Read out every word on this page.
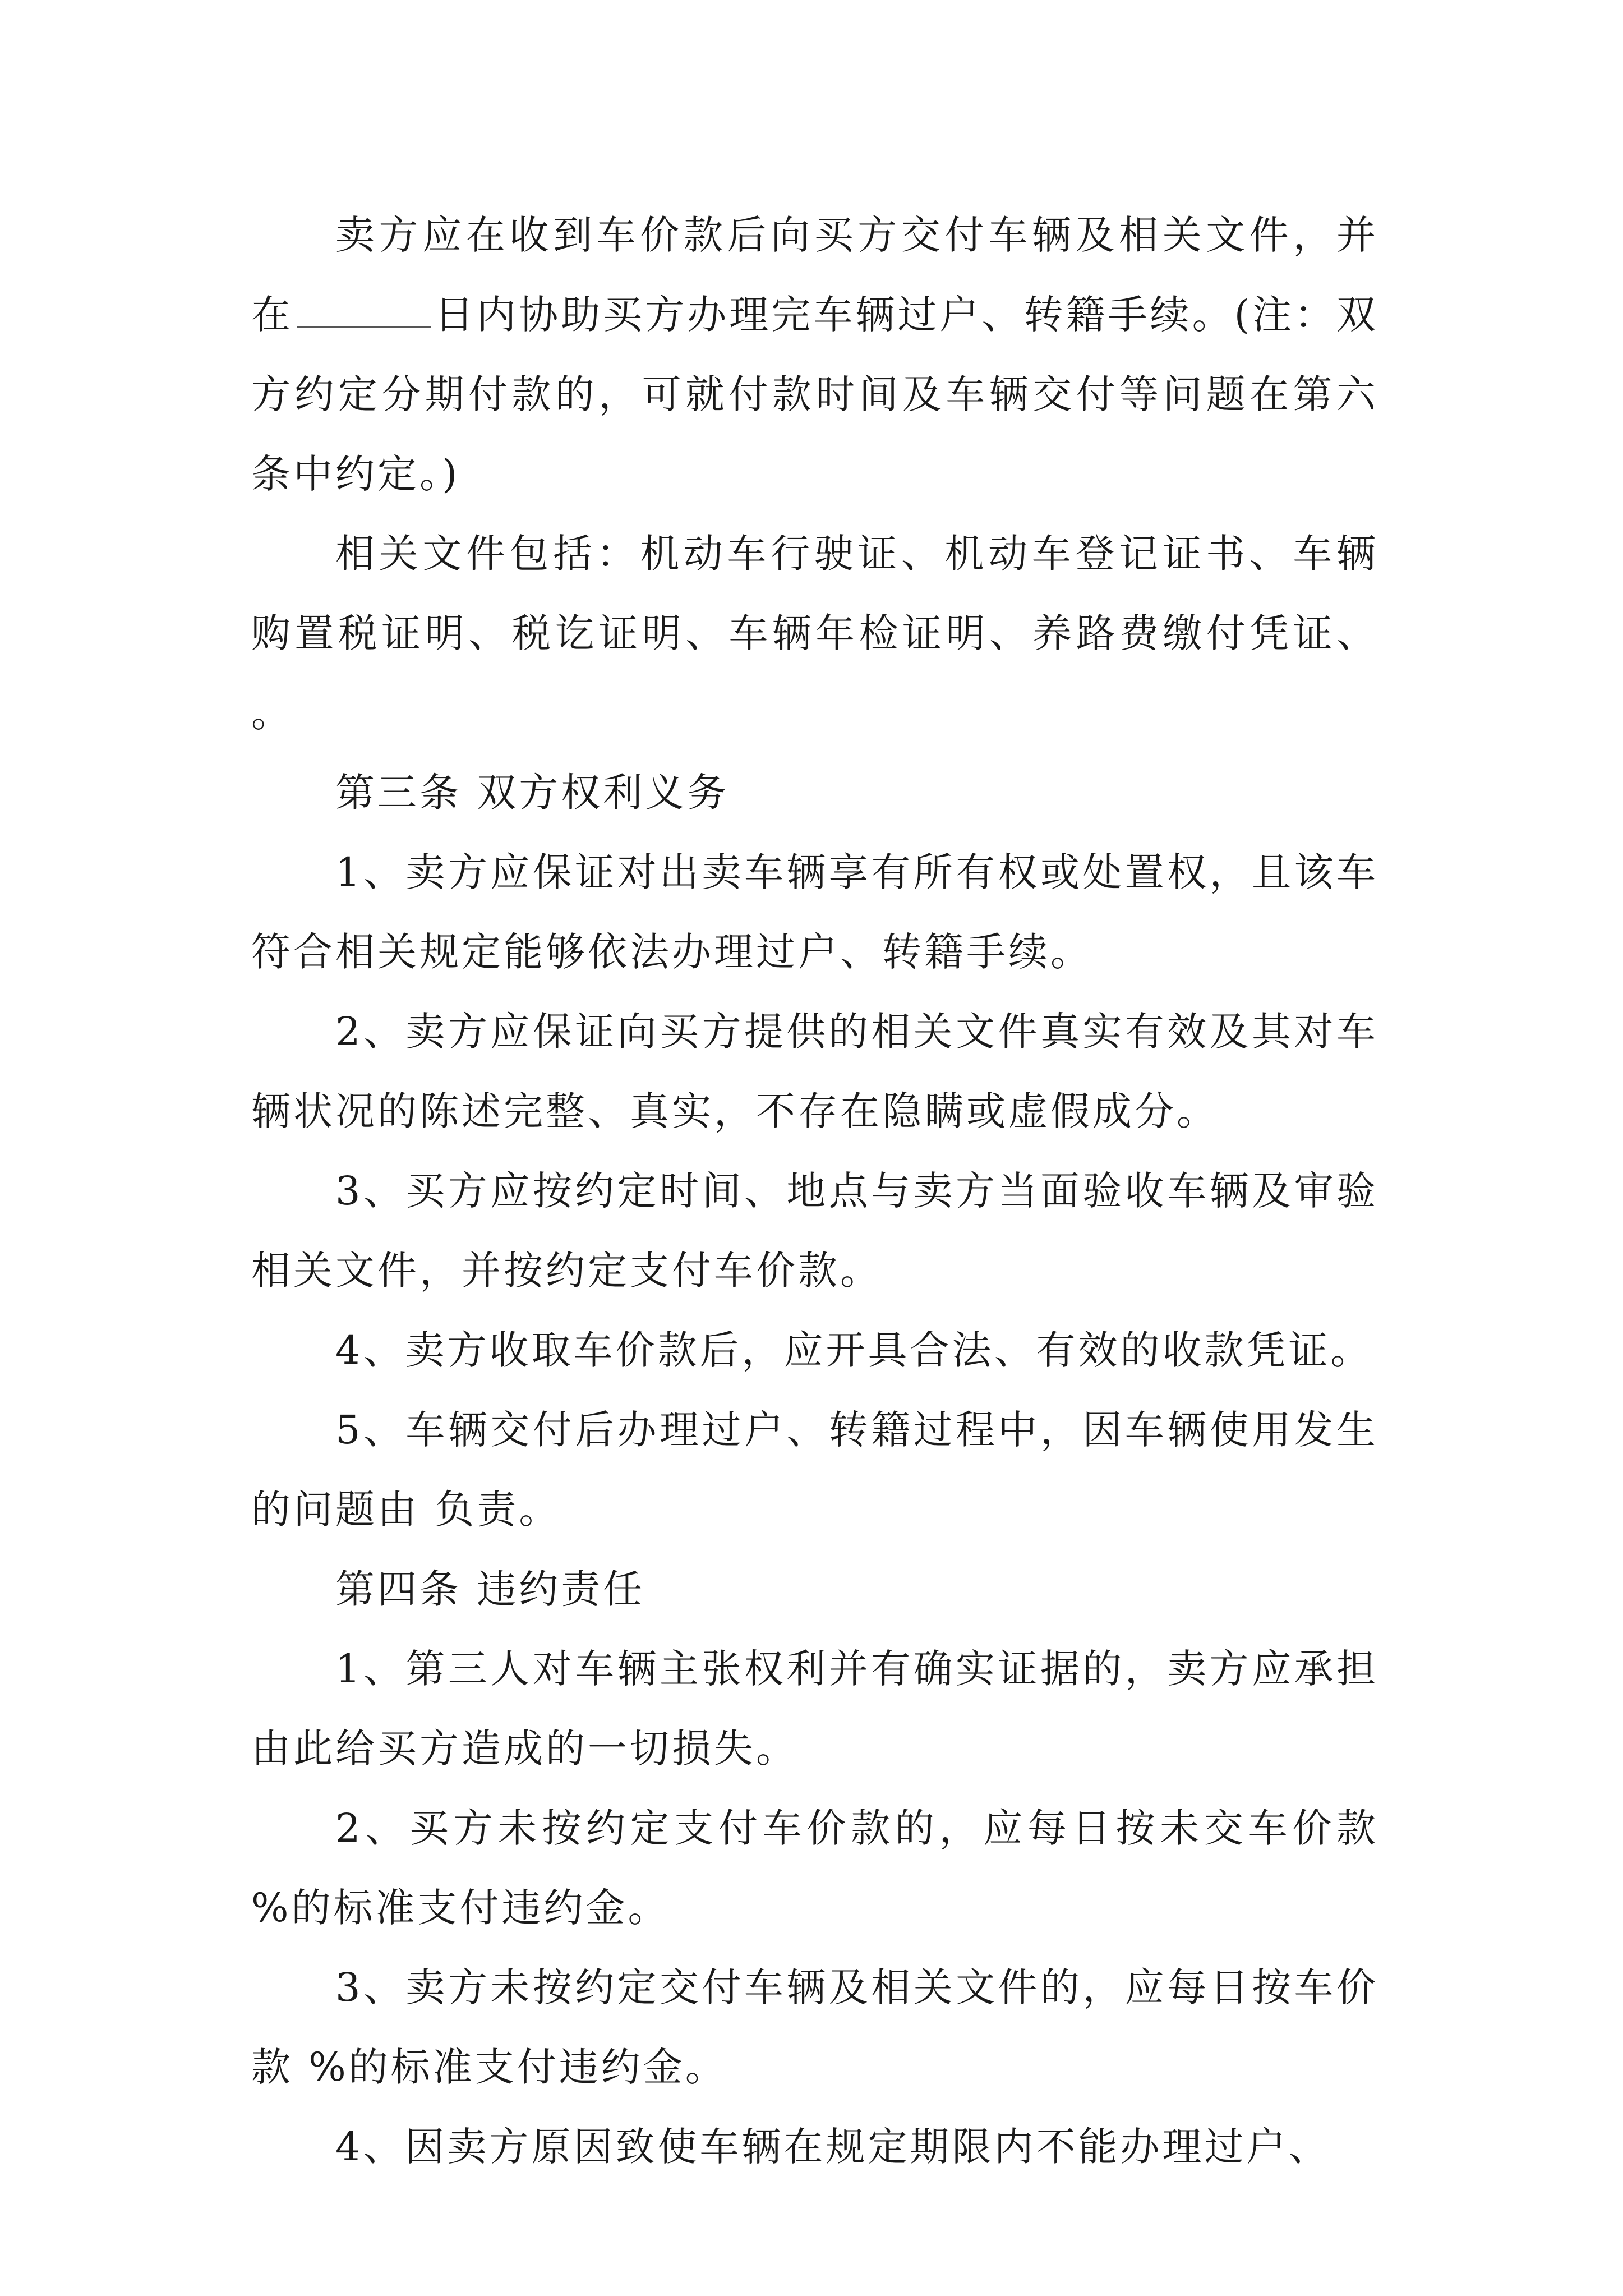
卖方应在收到车价款后向买方交付车辆及相关文件，并在	日内协助买方办理完车辆过户、转籍手续。(注：双方约定分期付款的，可就付款时间及车辆交付等问题在第六条中约定。)

相关文件包括：机动车行驶证、机动车登记证书、车辆购置税证明、税讫证明、车辆年检证明、养路费缴付凭证、 。

第三条 双方权利义务

1、卖方应保证对出卖车辆享有所有权或处置权，且该车符合相关规定能够依法办理过户、转籍手续。

2、卖方应保证向买方提供的相关文件真实有效及其对车辆状况的陈述完整、真实，不存在隐瞒或虚假成分。

3、买方应按约定时间、地点与卖方当面验收车辆及审验相关文件，并按约定支付车价款。

4、卖方收取车价款后，应开具合法、有效的收款凭证。

5、车辆交付后办理过户、转籍过程中，因车辆使用发生的问题由 负责。

第四条 违约责任

1、第三人对车辆主张权利并有确实证据的，卖方应承担由此给买方造成的一切损失。

2、买方未按约定支付车价款的，应每日按未交车价款 %的标准支付违约金。

3、卖方未按约定交付车辆及相关文件的，应每日按车价款 %的标准支付违约金。

4、因卖方原因致使车辆在规定期限内不能办理过户、
